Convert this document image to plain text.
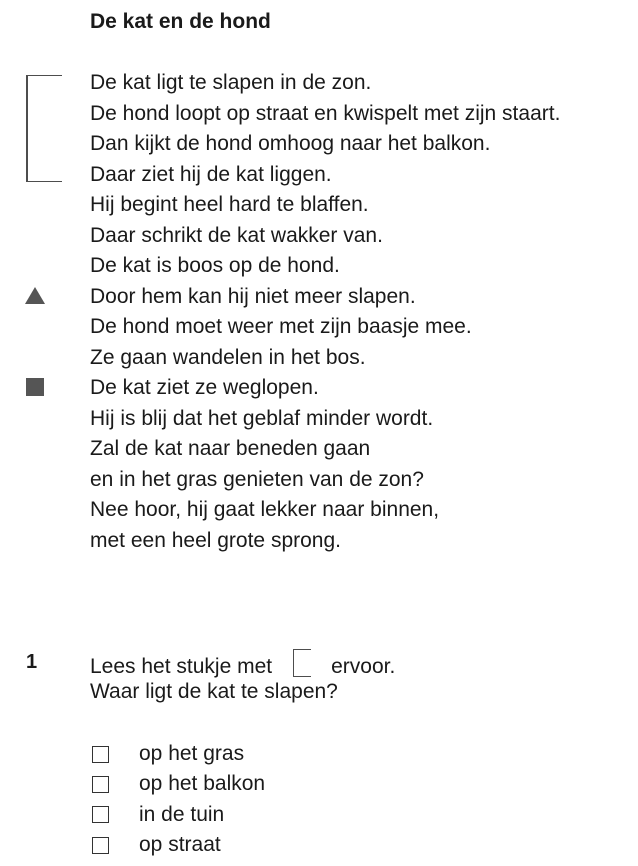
De kat en de hond
De kat ligt te slapen in de zon.
De hond loopt op straat en kwispelt met zijn staart.
Dan kijkt de hond omhoog naar het balkon.
Daar ziet hij de kat liggen.
Hij begint heel hard te blaffen.
Daar schrikt de kat wakker van.
De kat is boos op de hond.
Door hem kan hij niet meer slapen.
De hond moet weer met zijn baasje mee.
Ze gaan wandelen in het bos.
De kat ziet ze weglopen.
Hij is blij dat het geblaf minder wordt.
Zal de kat naar beneden gaan
en in het gras genieten van de zon?
Nee hoor, hij gaat lekker naar binnen,
met een heel grote sprong.
1	Lees het stukje met	ervoor.
Waar ligt de kat te slapen?
op het gras
op het balkon
in de tuin
op straat
